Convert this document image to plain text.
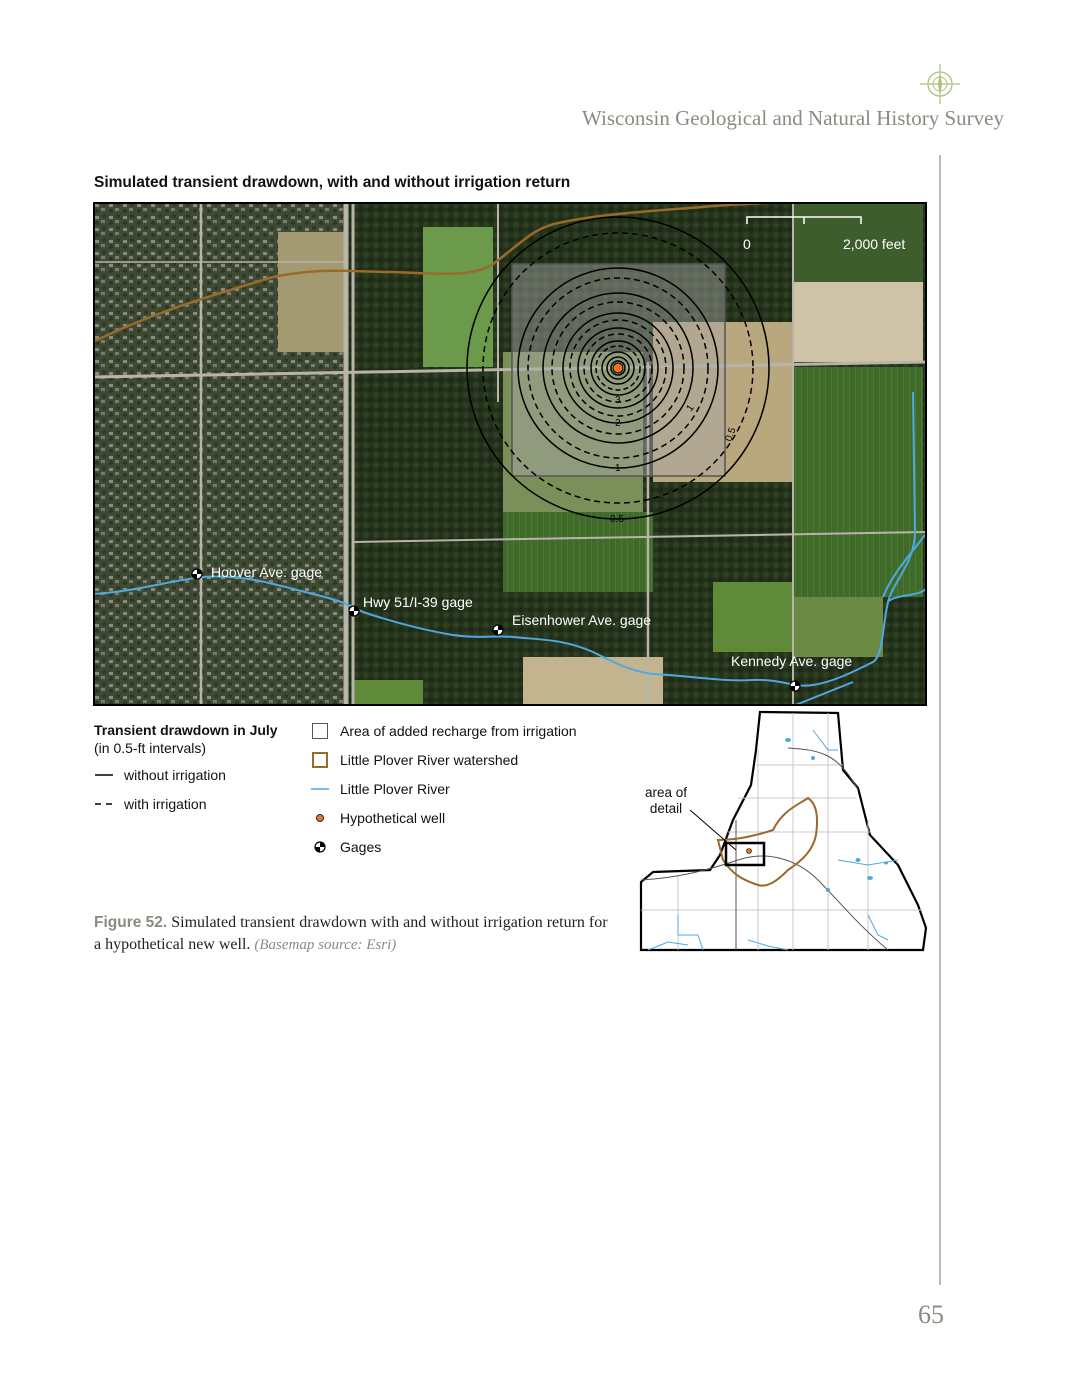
Wisconsin Geological and Natural History Survey
65
Simulated transient drawdown, with and without irrigation return
0.5
1
2
3
0.5
1
0	2,000 feet
Hoover Ave. gage
Hwy 51/I-39 gage
Eisenhower Ave. gage
Kennedy Ave. gage
Transient drawdown in July
(in 0.5-ft intervals)
without irrigation
with irrigation
Area of added recharge from irrigation
Little Plover River watershed
Little Plover River
Hypothetical well
Gages
area of
detail
Figure 52. Simulated transient drawdown with and without irrigation return for a hypothetical new well. (Basemap source: Esri)
